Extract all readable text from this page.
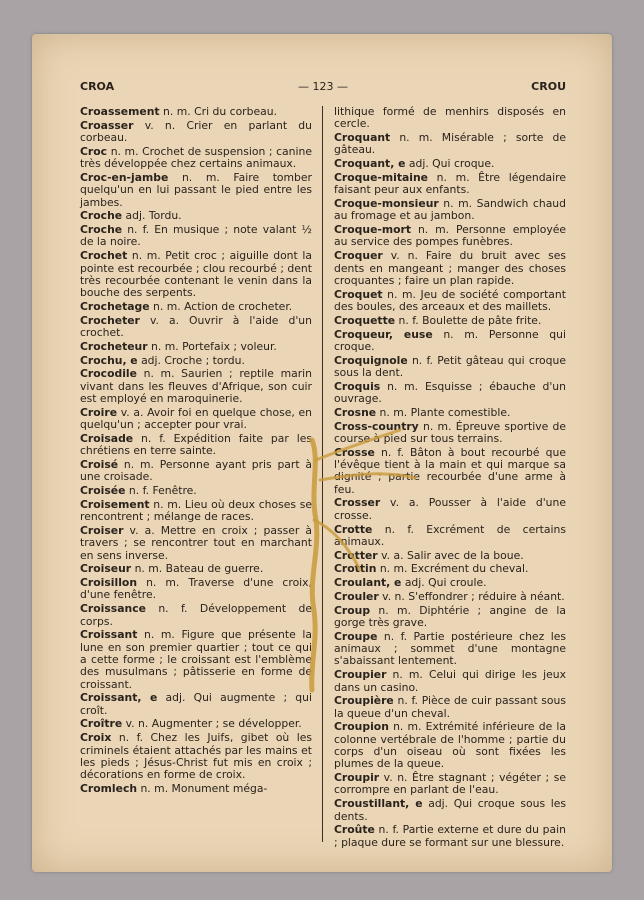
CROA	— 123 —	CROU
Croassement n. m. Cri du corbeau.
Croasser v. n. Crier en parlant du corbeau.
Croc n. m. Crochet de suspension ; canine très développée chez certains animaux.
Croc-en-jambe n. m. Faire tomber quelqu'un en lui passant le pied entre les jambes.
Croche adj. Tordu.
Croche n. f. En musique ; note valant ½ de la noire.
Crochet n. m. Petit croc ; aiguille dont la pointe est recourbée ; clou recourbé ; dent très recourbée contenant le venin dans la bouche des serpents.
Crochetage n. m. Action de crocheter.
Crocheter v. a. Ouvrir à l'aide d'un crochet.
Crocheteur n. m. Portefaix ; voleur.
Crochu, e adj. Croche ; tordu.
Crocodile n. m. Saurien ; reptile marin vivant dans les fleuves d'Afrique, son cuir est employé en maroquinerie.
Croire v. a. Avoir foi en quelque chose, en quelqu'un ; accepter pour vrai.
Croisade n. f. Expédition faite par les chrétiens en terre sainte.
Croisé n. m. Personne ayant pris part à une croisade.
Croisée n. f. Fenêtre.
Croisement n. m. Lieu où deux choses se rencontrent ; mélange de races.
Croiser v. a. Mettre en croix ; passer à travers ; se rencontrer tout en marchant en sens inverse.
Croiseur n. m. Bateau de guerre.
Croisillon n. m. Traverse d'une croix, d'une fenêtre.
Croissance n. f. Développement de corps.
Croissant n. m. Figure que présente la lune en son premier quartier ; tout ce qui a cette forme ; le croissant est l'emblème des musulmans ; pâtisserie en forme de croissant.
Croissant, e adj. Qui augmente ; qui croît.
Croître v. n. Augmenter ; se développer.
Croix n. f. Chez les Juifs, gibet où les criminels étaient attachés par les mains et les pieds ; Jésus-Christ fut mis en croix ; décorations en forme de croix.
Cromlech n. m. Monument méga-
lithique formé de menhirs disposés en cercle.
Croquant n. m. Misérable ; sorte de gâteau.
Croquant, e adj. Qui croque.
Croque-mitaine n. m. Être légendaire faisant peur aux enfants.
Croque-monsieur n. m. Sandwich chaud au fromage et au jambon.
Croque-mort n. m. Personne employée au service des pompes funèbres.
Croquer v. n. Faire du bruit avec ses dents en mangeant ; manger des choses croquantes ; faire un plan rapide.
Croquet n. m. Jeu de société comportant des boules, des arceaux et des maillets.
Croquette n. f. Boulette de pâte frite.
Croqueur, euse n. m. Personne qui croque.
Croquignole n. f. Petit gâteau qui croque sous la dent.
Croquis n. m. Esquisse ; ébauche d'un ouvrage.
Crosne n. m. Plante comestible.
Cross-country n. m. Épreuve sportive de course à pied sur tous terrains.
Crosse n. f. Bâton à bout recourbé que l'évêque tient à la main et qui marque sa dignité ; partie recourbée d'une arme à feu.
Crosser v. a. Pousser à l'aide d'une crosse.
Crotte n. f. Excrément de certains animaux.
Crotter v. a. Salir avec de la boue.
Crottin n. m. Excrément du cheval.
Croulant, e adj. Qui croule.
Crouler v. n. S'effondrer ; réduire à néant.
Croup n. m. Diphtérie ; angine de la gorge très grave.
Croupe n. f. Partie postérieure chez les animaux ; sommet d'une montagne s'abaissant lentement.
Croupier n. m. Celui qui dirige les jeux dans un casino.
Croupière n. f. Pièce de cuir passant sous la queue d'un cheval.
Croupion n. m. Extrémité inférieure de la colonne vertébrale de l'homme ; partie du corps d'un oiseau où sont fixées les plumes de la queue.
Croupir v. n. Être stagnant ; végéter ; se corrompre en parlant de l'eau.
Croustillant, e adj. Qui croque sous les dents.
Croûte n. f. Partie externe et dure du pain ; plaque dure se formant sur une blessure.
